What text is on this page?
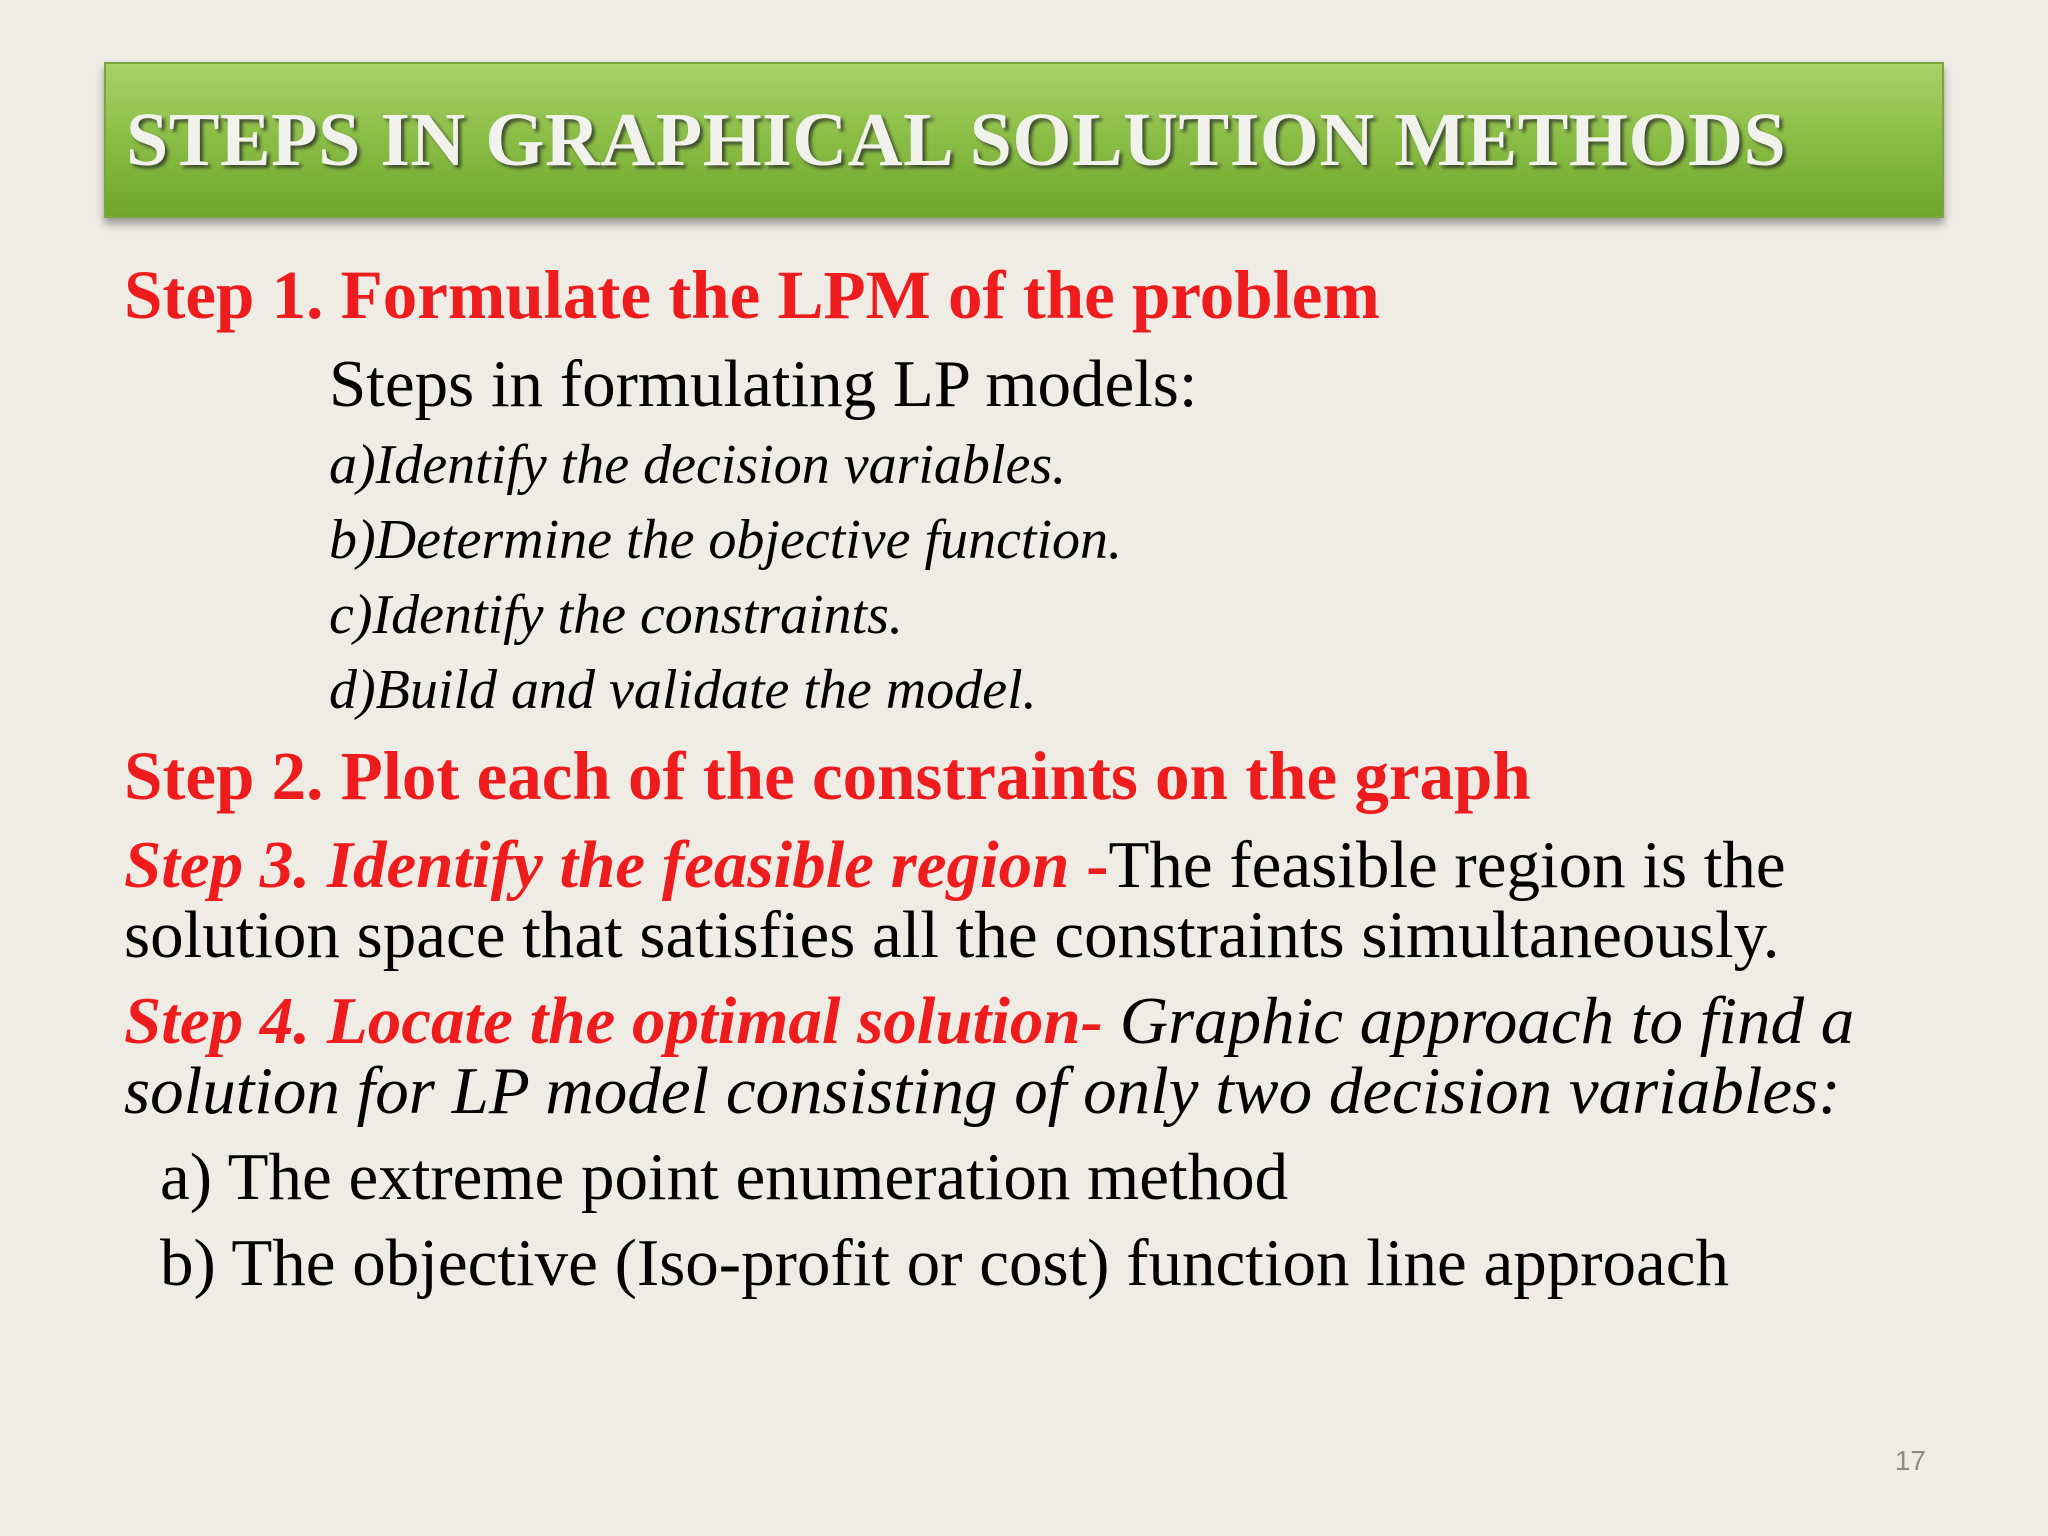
STEPS IN GRAPHICAL SOLUTION METHODS
Step 1. Formulate the LPM of the problem
Steps in formulating LP models:
a)Identify the decision variables.
b)Determine the objective function.
c)Identify the constraints.
d)Build and validate the model.
Step 2. Plot each of the constraints on the graph
Step 3. Identify the feasible region -The feasible region is the solution space that satisfies all the constraints simultaneously.
Step 4. Locate the optimal solution- Graphic approach to find a solution for LP model consisting of only two decision variables:
a) The extreme point enumeration method
b) The objective (Iso-profit or cost) function line approach
17
